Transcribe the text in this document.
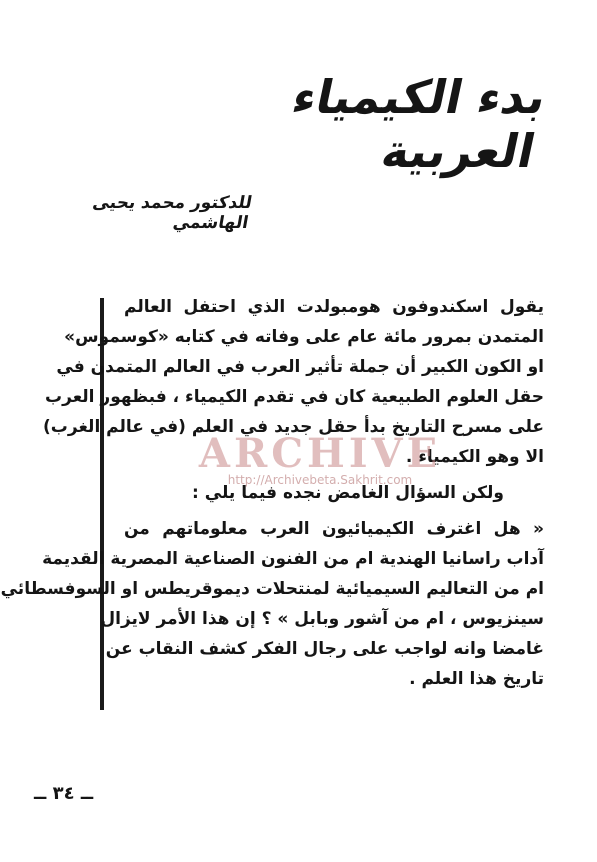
بدء الكيمياء العربية
للدكتور محمد يحيى الهاشمي
يقول اسكندوفون هومبولدت الذي احتفل العالم
المتمدن بمرور مائة عام على وفاته في كتابه «كوسموس»
او الكون الكبير أن جملة تأثير العرب في العالم المتمدن في
حقل العلوم الطبيعية كان في تقدم الكيمياء ، فبظهور العرب
على مسرح التاريخ بدأ حقل جديد في العلم (في عالم الغرب)
الا وهو الكيمياء .
ولكن السؤال الغامض نجده فيما يلي :
« هل اغترف الكيميائيون العرب معلوماتهم من
آداب راسانيا الهندية ام من الفنون الصناعية المصرية القديمة
ام من التعاليم السيميائية لمنتحلات ديموقريطس او السوفسطائي
سينزيوس ، ام من آشور وبابل » ؟ إن هذا الأمر لايزال
غامضا وانه لواجب على رجال الفكر كشف النقاب عن
تاريخ هذا العلم .
ARCHIVE
http://Archivebeta.Sakhrit.com
ــ ٣٤ ــ
